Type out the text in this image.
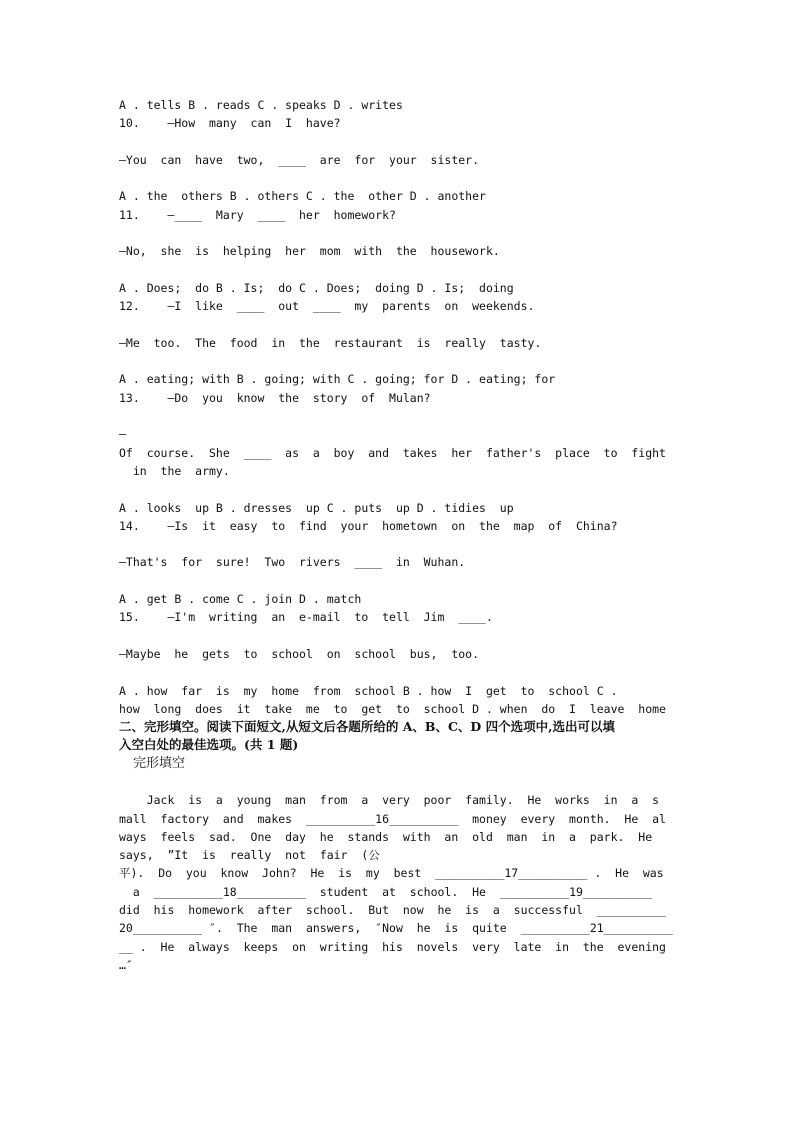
A . tells B . reads C . speaks D . writes
10.    —How  many  can  I  have?
—You  can  have  two,  ____  are  for  your  sister.
A . the  others B . others C . the  other D . another
11.    —____  Mary  ____  her  homework?
—No,  she  is  helping  her  mom  with  the  housework.
A . Does;  do B . Is;  do C . Does;  doing D . Is;  doing
12.    —I  like  ____  out  ____  my  parents  on  weekends.
—Me  too.  The  food  in  the  restaurant  is  really  tasty.
A . eating; with B . going; with C . going; for D . eating; for
13.    —Do  you  know  the  story  of  Mulan?
—
Of  course.  She  ____  as  a  boy  and  takes  her  father's  place  to  fight
in  the  army.
A . looks  up B . dresses  up C . puts  up D . tidies  up
14.    —Is  it  easy  to  find  your  hometown  on  the  map  of  China?
—That's  for  sure!  Two  rivers  ____  in  Wuhan.
A . get B . come C . join D . match
15.    —I'm  writing  an  e-mail  to  tell  Jim  ____.
—Maybe  he  gets  to  school  on  school  bus,  too.
A . how  far  is  my  home  from  school B . how  I  get  to  school C .
how  long  does  it  take  me  to  get  to  school D . when  do  I  leave  home
二、完形填空。阅读下面短文,从短文后各题所给的 A、B、C、D 四个选项中,选出可以填
入空白处的最佳选项。(共 1 题)
完形填空
Jack  is  a  young  man  from  a  very  poor  family.  He  works  in  a  s
mall  factory  and  makes  __________16__________  money  every  month.  He  al
ways  feels  sad.  One  day  he  stands  with  an  old  man  in  a  park.  He
says,  ”It  is  really  not  fair  (公
平).  Do  you  know  John?  He  is  my  best  __________17__________ .  He  was
a  __________18__________  student  at  school.  He  __________19__________
did  his  homework  after  school.  But  now  he  is  a  successful  __________
20__________ ″.  The  man  answers,  ″Now  he  is  quite  __________21__________
__ .  He  always  keeps  on  writing  his  novels  very  late  in  the  evening
…″
